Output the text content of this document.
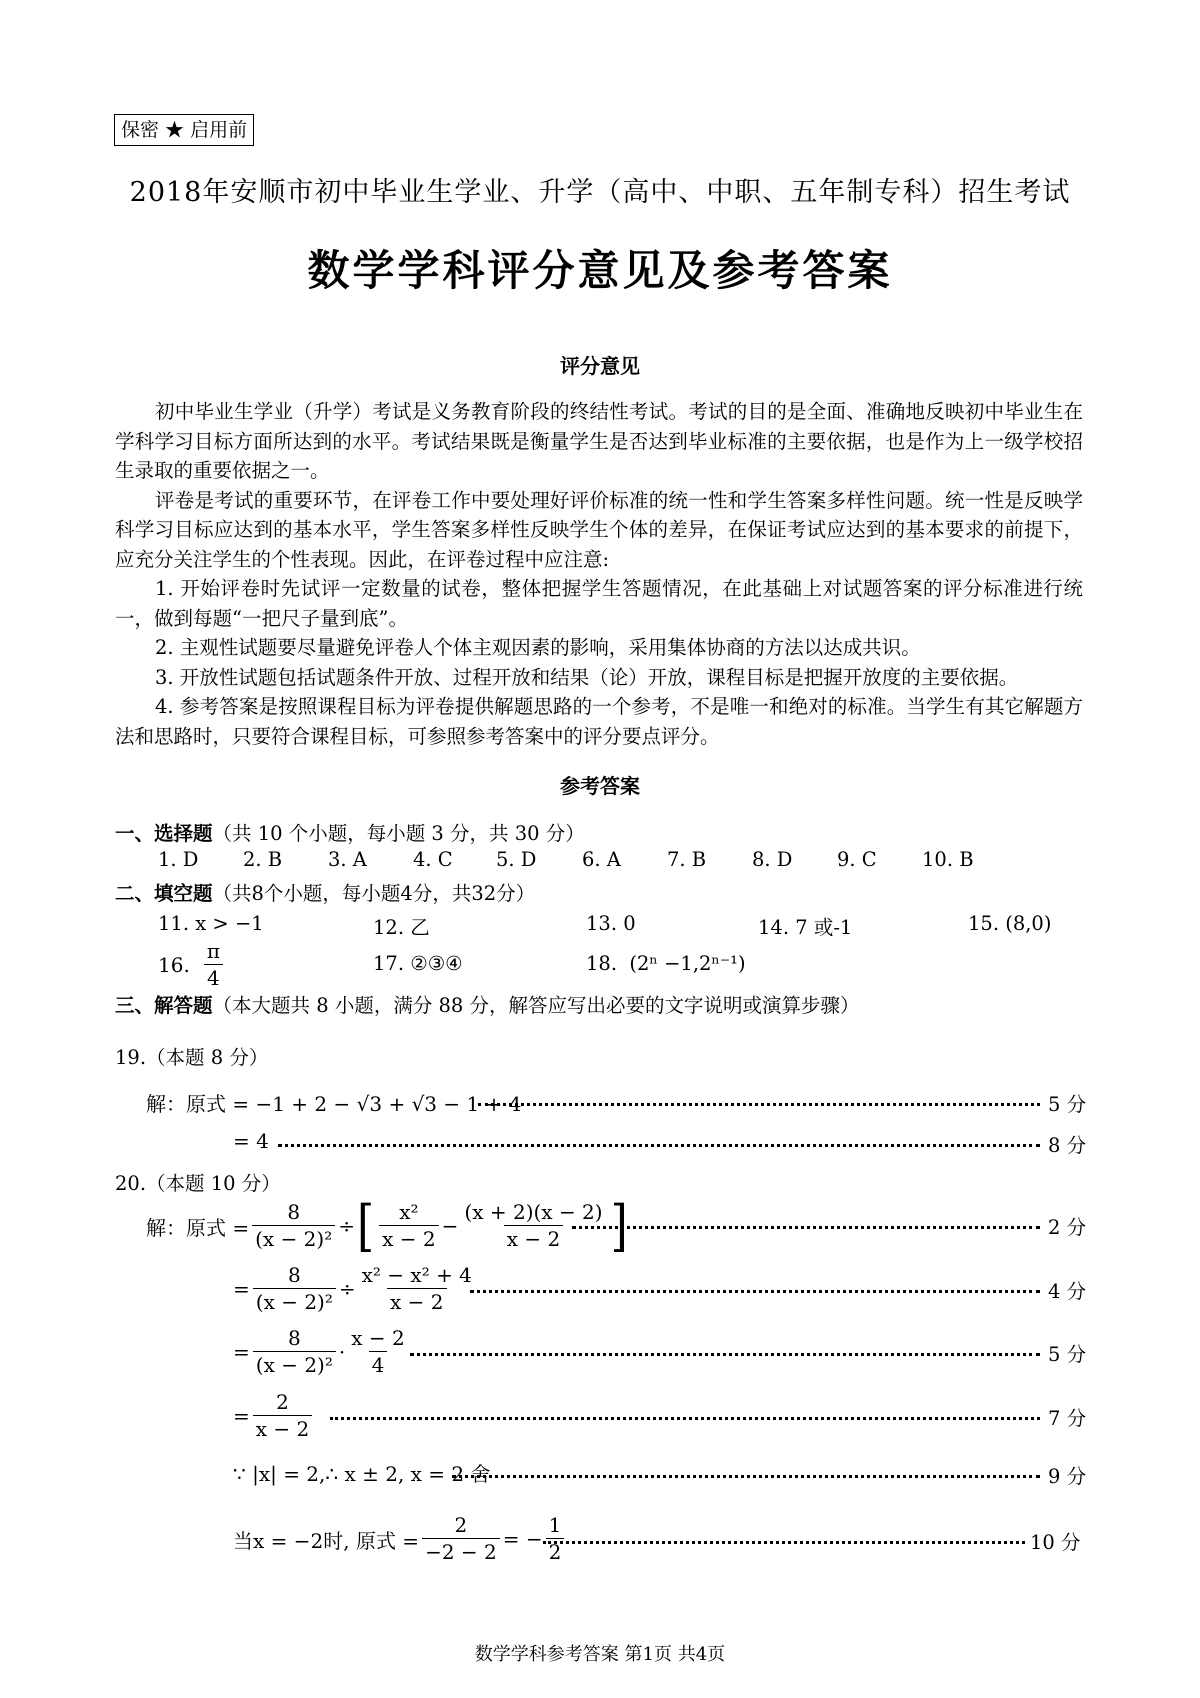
保密 ★ 启用前
2018年安顺市初中毕业生学业、升学（高中、中职、五年制专科）招生考试
数学学科评分意见及参考答案
评分意见

初中毕业生学业（升学）考试是义务教育阶段的终结性考试。考试的目的是全面、准确地反映初中毕业生在学科学习目标方面所达到的水平。考试结果既是衡量学生是否达到毕业标准的主要依据，也是作为上一级学校招生录取的重要依据之一。

评卷是考试的重要环节，在评卷工作中要处理好评价标准的统一性和学生答案多样性问题。统一性是反映学科学习目标应达到的基本水平，学生答案多样性反映学生个体的差异，在保证考试应达到的基本要求的前提下，应充分关注学生的个性表现。因此，在评卷过程中应注意:

1. 开始评卷时先试评一定数量的试卷，整体把握学生答题情况，在此基础上对试题答案的评分标准进行统一，做到每题“一把尺子量到底”。

2. 主观性试题要尽量避免评卷人个体主观因素的影响，采用集体协商的方法以达成共识。

3. 开放性试题包括试题条件开放、过程开放和结果（论）开放，课程目标是把握开放度的主要依据。

4. 参考答案是按照课程目标为评卷提供解题思路的一个参考，不是唯一和绝对的标准。当学生有其它解题方法和思路时，只要符合课程目标，可参照参考答案中的评分要点评分。

参考答案
一、选择题（共 10 个小题，每小题 3 分，共 30 分）
1. D 2. B 3. A 4. C 5. D 6. A 7. B 8. D 9. C 10. B
二、填空题（共8个小题，每小题4分，共32分）
11. x > −1	12. 乙	13. 0	14. 7 或-1	15. (8,0)
16. $\frac{\pi}{4}$	17. ②③④	18. (2ⁿ −1,2ⁿ⁻¹)
三、解答题（本大题共 8 小题，满分 88 分，解答应写出必要的文字说明或演算步骤）
19.（本题 8 分）
解：原式 = −1 + 2 − √3 + √3 − 1 + 4	5 分
= 4	8 分
20.（本题 10 分）
解：原式 = $\frac{8}{\text{(x − 2)²}}$ ÷ [ $\frac{\text{x²}}{x - 2} - \frac{(x + 2)(x - 2)}{x - 2}$ ]	2 分
= $\frac{8}{\text{(x − 2)²}} \div \frac{\text{x² − x² + 4}}{x - 2}$	4 分
= $\frac{8}{\text{(x − 2)²}} \cdot \frac{x - 2}{4}$	5 分
= $\frac{2}{x - 2}$	7 分
∵ |x| = 2,∴ x ± 2, x = 2 舍	9 分
当x = −2时, 原式 = $\frac{2}{-2 - 2}$ = − $\frac{1}{2}$	10 分
数学学科参考答案 第1页 共4页
